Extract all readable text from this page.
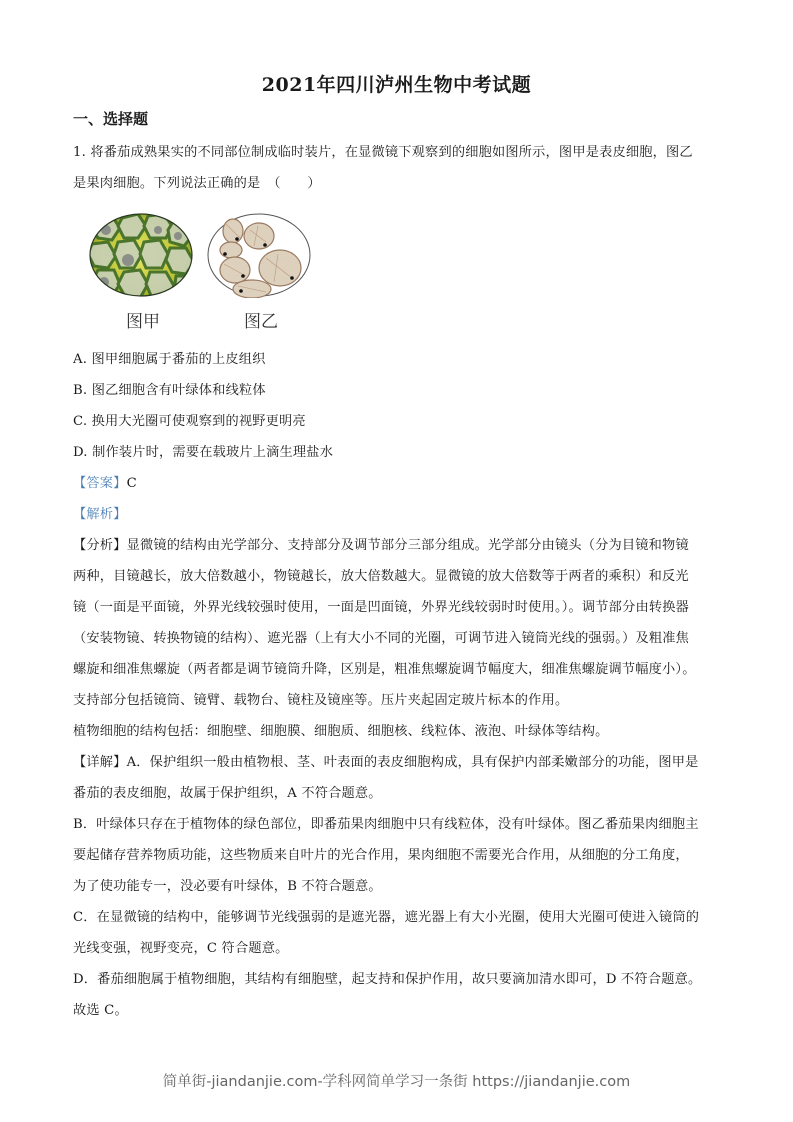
2021年四川泸州生物中考试题
一、选择题
1. 将番茄成熟果实的不同部位制成临时装片，在显微镜下观察到的细胞如图所示，图甲是表皮细胞，图乙
是果肉细胞。下列说法正确的是　（　　）
图甲	图乙
A. 图甲细胞属于番茄的上皮组织
B. 图乙细胞含有叶绿体和线粒体
C. 换用大光圈可使观察到的视野更明亮
D. 制作装片时，需要在载玻片上滴生理盐水
【答案】C
【解析】
【分析】显微镜的结构由光学部分、支持部分及调节部分三部分组成。光学部分由镜头（分为目镜和物镜
两种，目镜越长，放大倍数越小，物镜越长，放大倍数越大。显微镜的放大倍数等于两者的乘积）和反光
镜（一面是平面镜，外界光线较强时使用，一面是凹面镜，外界光线较弱时时使用。）。调节部分由转换器
（安装物镜、转换物镜的结构）、遮光器（上有大小不同的光圈，可调节进入镜筒光线的强弱。）及粗准焦
螺旋和细准焦螺旋（两者都是调节镜筒升降，区别是，粗准焦螺旋调节幅度大，细准焦螺旋调节幅度小）。
支持部分包括镜筒、镜臂、载物台、镜柱及镜座等。压片夹起固定玻片标本的作用。
植物细胞的结构包括：细胞壁、细胞膜、细胞质、细胞核、线粒体、液泡、叶绿体等结构。
【详解】A．保护组织一般由植物根、茎、叶表面的表皮细胞构成，具有保护内部柔嫩部分的功能，图甲是
番茄的表皮细胞，故属于保护组织，A 不符合题意。
B．叶绿体只存在于植物体的绿色部位，即番茄果肉细胞中只有线粒体，没有叶绿体。图乙番茄果肉细胞主
要起储存营养物质功能，这些物质来自叶片的光合作用，果肉细胞不需要光合作用，从细胞的分工角度，
为了使功能专一，没必要有叶绿体，B 不符合题意。
C．在显微镜的结构中，能够调节光线强弱的是遮光器，遮光器上有大小光圈，使用大光圈可使进入镜筒的
光线变强，视野变亮，C 符合题意。
D．番茄细胞属于植物细胞，其结构有细胞壁，起支持和保护作用，故只要滴加清水即可，D 不符合题意。
故选 C。
简单街-jiandanjie.com-学科网简单学习一条街 https://jiandanjie.com
